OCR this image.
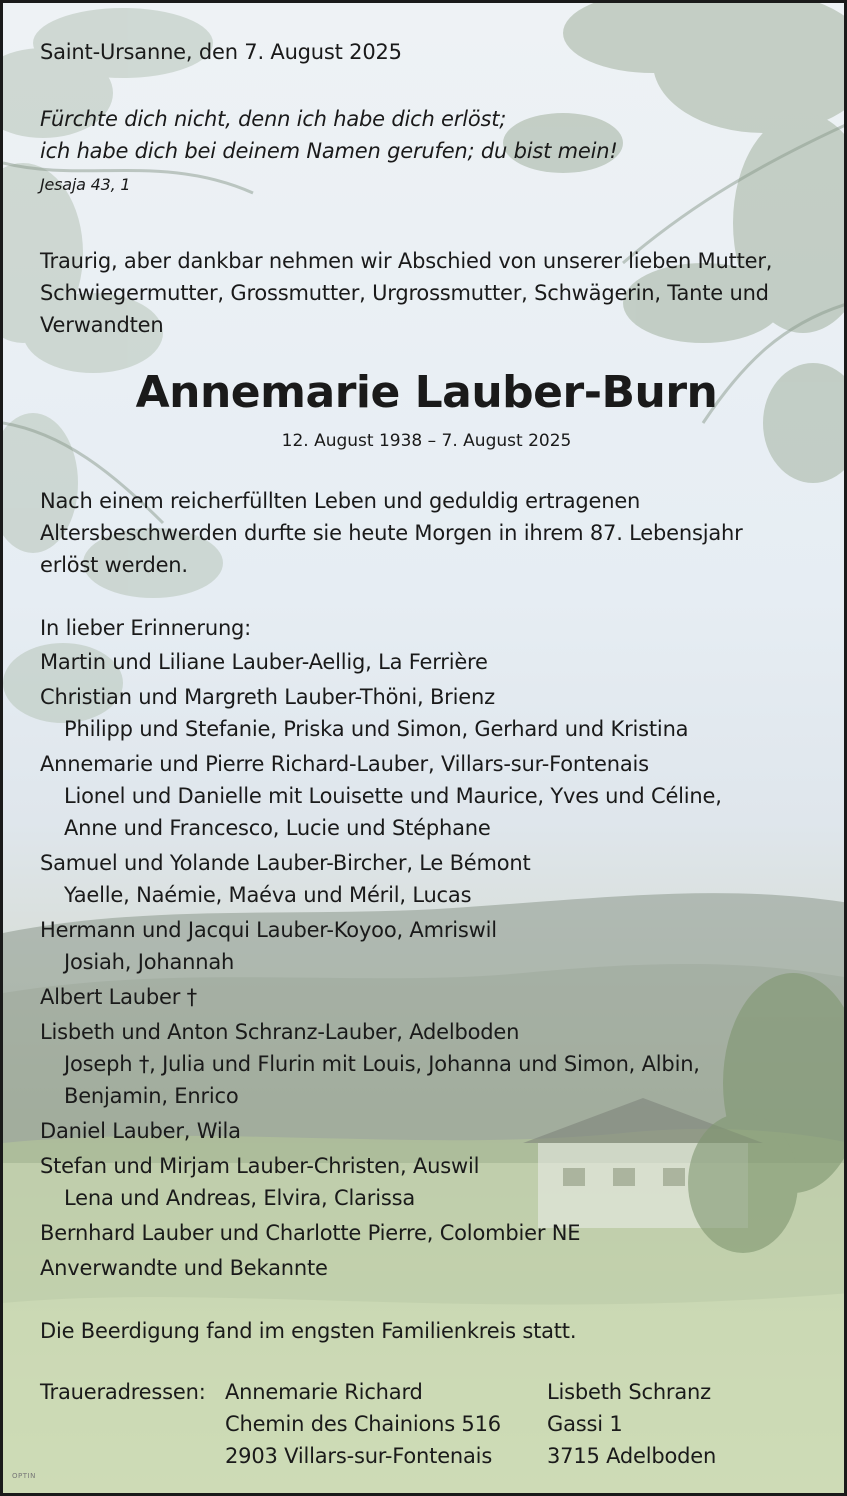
Saint-Ursanne, den 7. August 2025
Fürchte dich nicht, denn ich habe dich erlöst;
ich habe dich bei deinem Namen gerufen; du bist mein!
Jesaja 43, 1
Traurig, aber dankbar nehmen wir Abschied von unserer lieben Mutter,
Schwiegermutter, Grossmutter, Urgrossmutter, Schwägerin, Tante und
Verwandten
Annemarie Lauber-Burn
12. August 1938 – 7. August 2025
Nach einem reicherfüllten Leben und geduldig ertragenen
Altersbeschwerden durfte sie heute Morgen in ihrem 87. Lebensjahr
erlöst werden.
In lieber Erinnerung:
Martin und Liliane Lauber-Aellig, La Ferrière
Christian und Margreth Lauber-Thöni, Brienz
Philipp und Stefanie, Priska und Simon, Gerhard und Kristina
Annemarie und Pierre Richard-Lauber, Villars-sur-Fontenais
Lionel und Danielle mit Louisette und Maurice, Yves und Céline,
Anne und Francesco, Lucie und Stéphane
Samuel und Yolande Lauber-Bircher, Le Bémont
Yaelle, Naémie, Maéva und Méril, Lucas
Hermann und Jacqui Lauber-Koyoo, Amriswil
Josiah, Johannah
Albert Lauber †
Lisbeth und Anton Schranz-Lauber, Adelboden
Joseph †, Julia und Flurin mit Louis, Johanna und Simon, Albin,
Benjamin, Enrico
Daniel Lauber, Wila
Stefan und Mirjam Lauber-Christen, Auswil
Lena und Andreas, Elvira, Clarissa
Bernhard Lauber und Charlotte Pierre, Colombier NE
Anverwandte und Bekannte
Die Beerdigung fand im engsten Familienkreis statt.
Traueradressen: Annemarie Richard
Chemin des Chainions 516
2903 Villars-sur-Fontenais
Lisbeth Schranz
Gassi 1
3715 Adelboden
OPTIN
